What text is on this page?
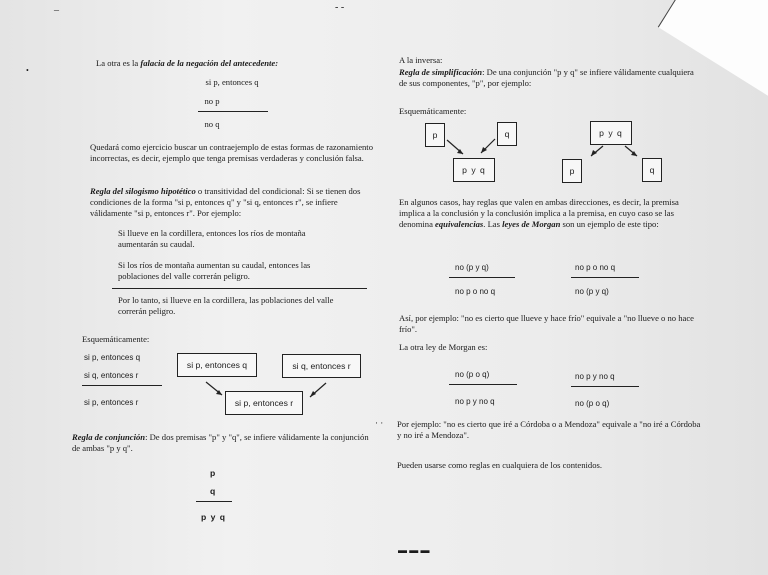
¯
- -

La otra es la falacia de la negación del antecedente:

si p, entonces q

no p

no q

Quedará como ejercicio buscar un contraejemplo de estas formas de razonamiento incorrectas, es decir, ejemplo que tenga premisas verdaderas y conclusión falsa.

Regla del silogismo hipotético o transitividad del condicional: Si se tienen dos condiciones de la forma "si p, entonces q" y "si q, entonces r", se infiere válidamente "si p, entonces r". Por ejemplo:

Si llueve en la cordillera, entonces los ríos de montaña aumentarán su caudal.

Si los ríos de montaña aumentan su caudal, entonces las poblaciones del valle correrán peligro.

Por lo tanto, si llueve en la cordillera, las poblaciones del valle correrán peligro.

Esquemáticamente:

si p, entonces q

si q, entonces r

si p, entonces r

si p, entonces q	si q, entonces r
si p, entonces r

Regla de conjunción: De dos premisas "p" y "q", se infiere válidamente la conjunción de ambas "p y q".

p

q

p y q

A la inversa:

Regla de simplificación: De una conjunción "p y q" se infiere válidamente cualquiera de sus componentes, "p", por ejemplo:

Esquemáticamente:

p	q
p y q
p y q
p	q

En algunos casos, hay reglas que valen en ambas direcciones, es decir, la premisa implica a la conclusión y la conclusión implica a la premisa, en cuyo caso se las denomina equivalencias. Las leyes de Morgan son un ejemplo de este tipo:

no (p y q)

no p o no q

no p o no q

no (p y q)

Así, por ejemplo: "no es cierto que llueve y hace frío" equivale a "no llueve o no hace frío".

La otra ley de Morgan es:

no (p o q)

no p y no q

no p y no q

no (p o q)

Por ejemplo: "no es cierto que iré a Córdoba o a Mendoza" equivale a "no iré a Córdoba y no iré a Mendoza".

Pueden usarse como reglas en cualquiera de los contenidos.

· ·
▬ ▬ ▬
•
